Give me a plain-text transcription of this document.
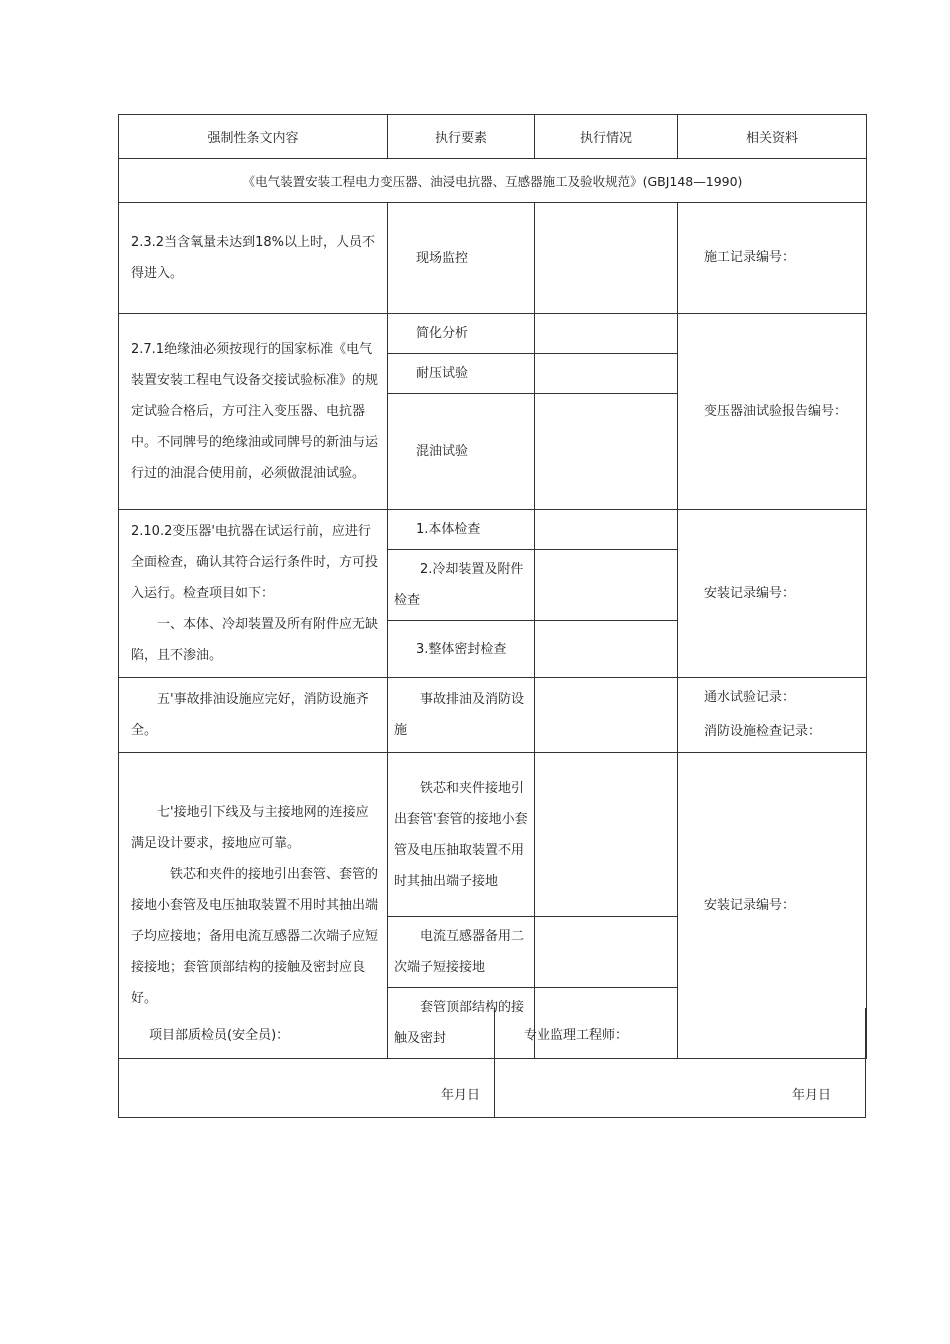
强制性条文内容	执行要素	执行情况	相关资料
《电气装置安装工程电力变压器、油浸电抗器、互感器施工及验收规范》(GBJ148—1990)			

2.3.2当含氧量未达到18%以上时，人员不得进入。	现场监控		施工记录编号：

2.7.1绝缘油必须按现行的国家标准《电气装置安装工程电气设备交接试验标准》的规定试验合格后，方可注入变压器、电抗器中。不同牌号的绝缘油或同牌号的新油与运行过的油混合使用前，必须做混油试验。	简化分析		变压器油试验报告编号：

	耐压试验		

	混油试验		

2.10.2变压器'电抗器在试运行前，应进行全面检查，确认其符合运行条件时，方可投入运行。检查项目如下：

一、本体、冷却装置及所有附件应无缺陷，且不渗油。	1.本体检查		安装记录编号：

	2.冷却装置及附件检查		

	3.整体密封检查		

五'事故排油设施应完好，消防设施齐全。	事故排油及消防设施		通水试验记录：
消防设施检查记录：

七'接地引下线及与主接地网的连接应满足设计要求，接地应可靠。

铁芯和夹件的接地引出套管、套管的接地小套管及电压抽取装置不用时其抽出端子均应接地；备用电流互感器二次端子应短接接地；套管顶部结构的接触及密封应良好。	铁芯和夹件接地引出套管'套管的接地小套管及电压抽取装置不用时其抽出端子接地		安装记录编号：

	电流互感器备用二次端子短接接地		

	套管顶部结构的接触及密封		

项目部质检员(安全员)：
年月日
专业监理工程师：
年月日
